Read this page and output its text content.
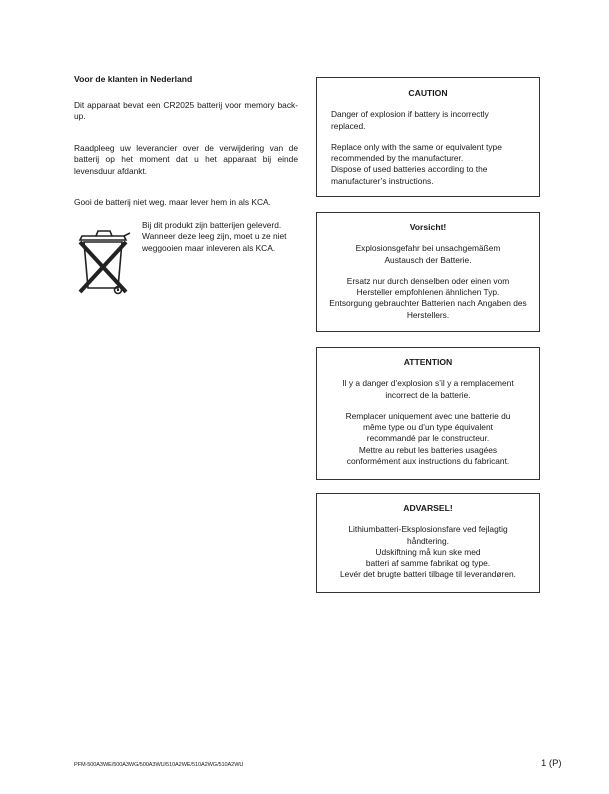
Voor de klanten in Nederland

Dit apparaat bevat een CR2025 batterij voor memory back-up.

Raadpleeg uw leverancier over de verwijdering van de batterij op het moment dat u het apparaat bij einde levensduur afdankt.

Gooi de batterij niet weg. maar lever hem in als KCA.

Bij dit produkt zijn batterijen geleverd. Wanneer deze leeg zijn, moet u ze niet weggooien maar inleveren als KCA.
CAUTION

Danger of explosion if battery is incorrectly replaced.

Replace only with the same or equivalent type recommended by the manufacturer.

Dispose of used batteries according to the manufacturer’s instructions.

Vorsicht!

Explosionsgefahr bei unsachgemäßem Austausch der Batterie.

Ersatz nur durch denselben oder einen vom Hersteller empfohlenen ähnlichen Typ.

Entsorgung gebrauchter Batterien nach Angaben des Herstellers.

ATTENTION

Il y a danger d’explosion s’il y a remplacement incorrect de la batterie.

Remplacer uniquement avec une batterie du même type ou d’un type équivalent recommandé par le constructeur.

Mettre au rebut les batteries usagées conformément aux instructions du fabricant.

ADVARSEL!

Lithiumbatteri-Eksplosionsfare ved fejlagtig håndtering.

Udskiftning må kun ske med batteri af samme fabrikat og type.

Levér det brugte batteri tilbage til leverandøren.

PFM-500A3WE/500A3WG/500A3WU/510A2WE/510A2WG/510A2WU	1 (P)
